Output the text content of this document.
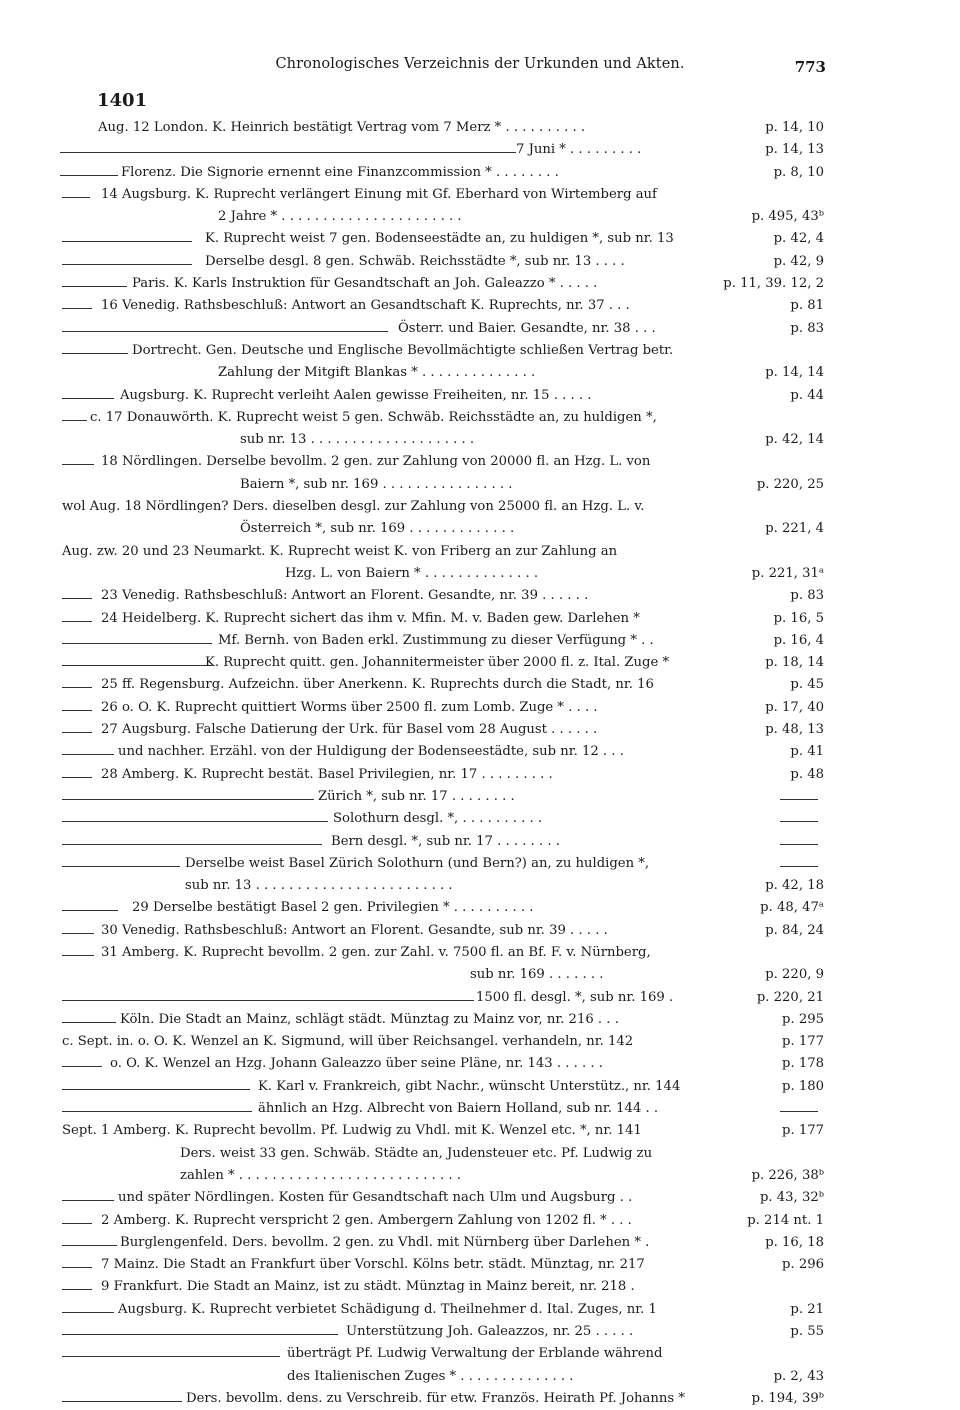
Chronologisches Verzeichnis der Urkunden und Akten.	773
1401
Aug. 12 London. K. Heinrich bestätigt Vertrag vom 7 Merz * . . . . . . . . . .	p. 14, 10
7 Juni * . . . . . . . . .	p. 14, 13
Florenz. Die Signorie ernennt eine Finanzcommission * . . . . . . . .	p. 8, 10
14 Augsburg. K. Ruprecht verlängert Einung mit Gf. Eberhard von Wirtemberg auf
2 Jahre * . . . . . . . . . . . . . . . . . . . . . .	p. 495, 43ᵇ
K. Ruprecht weist 7 gen. Bodenseestädte an, zu huldigen *, sub nr. 13	p. 42, 4
Derselbe desgl. 8 gen. Schwäb. Reichsstädte *, sub nr. 13 . . . .	p. 42, 9
Paris. K. Karls Instruktion für Gesandtschaft an Joh. Galeazzo * . . . . .	p. 11, 39. 12, 2
16 Venedig. Rathsbeschluß: Antwort an Gesandtschaft K. Ruprechts, nr. 37 . . .	p. 81
Österr. und Baier. Gesandte, nr. 38 . . .	p. 83
Dortrecht. Gen. Deutsche und Englische Bevollmächtigte schließen Vertrag betr.
Zahlung der Mitgift Blankas * . . . . . . . . . . . . . .	p. 14, 14
Augsburg. K. Ruprecht verleiht Aalen gewisse Freiheiten, nr. 15 . . . . .	p. 44
c. 17 Donauwörth. K. Ruprecht weist 5 gen. Schwäb. Reichsstädte an, zu huldigen *,
sub nr. 13 . . . . . . . . . . . . . . . . . . . .	p. 42, 14
18 Nördlingen. Derselbe bevollm. 2 gen. zur Zahlung von 20000 fl. an Hzg. L. von
Baiern *, sub nr. 169 . . . . . . . . . . . . . . . .	p. 220, 25
wol Aug. 18 Nördlingen? Ders. dieselben desgl. zur Zahlung von 25000 fl. an Hzg. L. v.
Österreich *, sub nr. 169 . . . . . . . . . . . . .	p. 221, 4
Aug. zw. 20 und 23 Neumarkt. K. Ruprecht weist K. von Friberg an zur Zahlung an
Hzg. L. von Baiern * . . . . . . . . . . . . . .	p. 221, 31ᵃ
23 Venedig. Rathsbeschluß: Antwort an Florent. Gesandte, nr. 39 . . . . . .	p. 83
24 Heidelberg. K. Ruprecht sichert das ihm v. Mfin. M. v. Baden gew. Darlehen *	p. 16, 5
Mf. Bernh. von Baden erkl. Zustimmung zu dieser Verfügung * . .	p. 16, 4
K. Ruprecht quitt. gen. Johannitermeister über 2000 fl. z. Ital. Zuge *	p. 18, 14
25 ff. Regensburg. Aufzeichn. über Anerkenn. K. Ruprechts durch die Stadt, nr. 16	p. 45
26 o. O. K. Ruprecht quittiert Worms über 2500 fl. zum Lomb. Zuge * . . . .	p. 17, 40
27 Augsburg. Falsche Datierung der Urk. für Basel vom 28 August . . . . . .	p. 48, 13
und nachher. Erzähl. von der Huldigung der Bodenseestädte, sub nr. 12 . . .	p. 41
28 Amberg. K. Ruprecht bestät. Basel Privilegien, nr. 17 . . . . . . . . .	p. 48
Zürich *, sub nr. 17 . . . . . . . .
Solothurn desgl. *, . . . . . . . . . .
Bern desgl. *, sub nr. 17 . . . . . . . .
Derselbe weist Basel Zürich Solothurn (und Bern?) an, zu huldigen *,
sub nr. 13 . . . . . . . . . . . . . . . . . . . . . . . .	p. 42, 18
29 Derselbe bestätigt Basel 2 gen. Privilegien * . . . . . . . . . .	p. 48, 47ᵃ
30 Venedig. Rathsbeschluß: Antwort an Florent. Gesandte, sub nr. 39 . . . . .	p. 84, 24
31 Amberg. K. Ruprecht bevollm. 2 gen. zur Zahl. v. 7500 fl. an Bf. F. v. Nürnberg,
sub nr. 169 . . . . . . .	p. 220, 9
1500 fl. desgl. *, sub nr. 169 .	p. 220, 21
Köln. Die Stadt an Mainz, schlägt städt. Münztag zu Mainz vor, nr. 216 . . .	p. 295
c. Sept. in. o. O. K. Wenzel an K. Sigmund, will über Reichsangel. verhandeln, nr. 142	p. 177
o. O. K. Wenzel an Hzg. Johann Galeazzo über seine Pläne, nr. 143 . . . . . .	p. 178
K. Karl v. Frankreich, gibt Nachr., wünscht Unterstütz., nr. 144	p. 180
ähnlich an Hzg. Albrecht von Baiern Holland, sub nr. 144 . .
Sept. 1 Amberg. K. Ruprecht bevollm. Pf. Ludwig zu Vhdl. mit K. Wenzel etc. *, nr. 141	p. 177
Ders. weist 33 gen. Schwäb. Städte an, Judensteuer etc. Pf. Ludwig zu
zahlen * . . . . . . . . . . . . . . . . . . . . . . . . . . .	p. 226, 38ᵇ
und später Nördlingen. Kosten für Gesandtschaft nach Ulm und Augsburg . .	p. 43, 32ᵇ
2 Amberg. K. Ruprecht verspricht 2 gen. Ambergern Zahlung von 1202 fl. * . . .	p. 214 nt. 1
Burglengenfeld. Ders. bevollm. 2 gen. zu Vhdl. mit Nürnberg über Darlehen * .	p. 16, 18
7 Mainz. Die Stadt an Frankfurt über Vorschl. Kölns betr. städt. Münztag, nr. 217	p. 296
9 Frankfurt. Die Stadt an Mainz, ist zu städt. Münztag in Mainz bereit, nr. 218 .
Augsburg. K. Ruprecht verbietet Schädigung d. Theilnehmer d. Ital. Zuges, nr. 1	p. 21
Unterstützung Joh. Galeazzos, nr. 25 . . . . .	p. 55
überträgt Pf. Ludwig Verwaltung der Erblande während
des Italienischen Zuges * . . . . . . . . . . . . . .	p. 2, 43
Ders. bevollm. dens. zu Verschreib. für etw. Französ. Heirath Pf. Johanns *	p. 194, 39ᵇ
